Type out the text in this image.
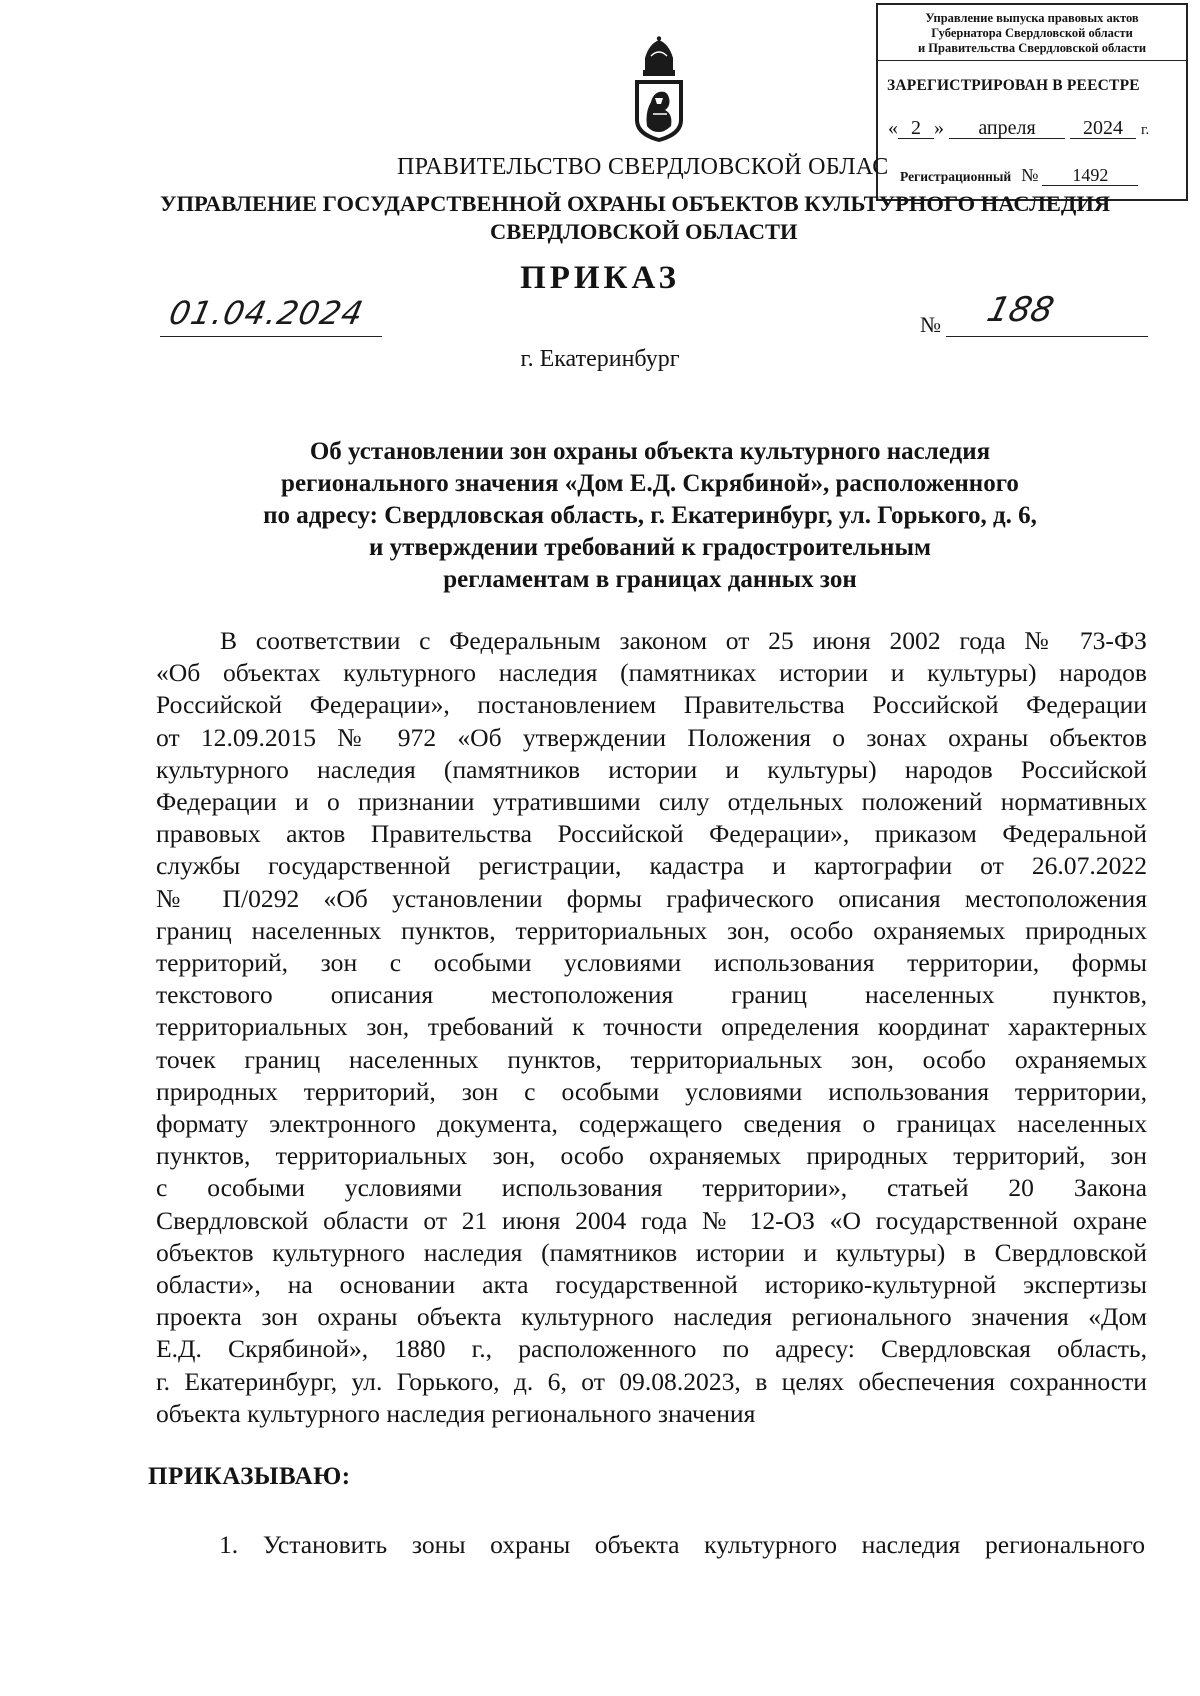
Управление выпуска правовых актов
Губернатора Свердловской области
и Правительства Свердловской области
ЗАРЕГИСТРИРОВАН В РЕЕСТРЕ
« 2 » апреля 2024 г.
Регистрационный № 1492
ПРАВИТЕЛЬСТВО СВЕРДЛОВСКОЙ ОБЛАС
УПРАВЛЕНИЕ ГОСУДАРСТВЕННОЙ ОХРАНЫ ОБЪЕКТОВ КУЛЬТУРНОГО НАСЛЕДИЯ
СВЕРДЛОВСКОЙ ОБЛАСТИ
ПРИКАЗ
01.04.2024	№ 188
г. Екатеринбург
Об установлении зон охраны объекта культурного наследия
регионального значения «Дом Е.Д. Скрябиной», расположенного
по адресу: Свердловская область, г. Екатеринбург, ул. Горького, д. 6,
и утверждении требований к градостроительным
регламентам в границах данных зон
В соответствии с Федеральным законом от 25 июня 2002 года № 73-ФЗ
«Об объектах культурного наследия (памятниках истории и культуры) народов
Российской Федерации», постановлением Правительства Российской Федерации
от 12.09.2015 № 972 «Об утверждении Положения о зонах охраны объектов
культурного наследия (памятников истории и культуры) народов Российской
Федерации и о признании утратившими силу отдельных положений нормативных
правовых актов Правительства Российской Федерации», приказом Федеральной
службы государственной регистрации, кадастра и картографии от 26.07.2022
№ П/0292 «Об установлении формы графического описания местоположения
границ населенных пунктов, территориальных зон, особо охраняемых природных
территорий, зон с особыми условиями использования территории, формы
текстового описания местоположения границ населенных пунктов,
территориальных зон, требований к точности определения координат характерных
точек границ населенных пунктов, территориальных зон, особо охраняемых
природных территорий, зон с особыми условиями использования территории,
формату электронного документа, содержащего сведения о границах населенных
пунктов, территориальных зон, особо охраняемых природных территорий, зон
с особыми условиями использования территории», статьей 20 Закона
Свердловской области от 21 июня 2004 года № 12-ОЗ «О государственной охране
объектов культурного наследия (памятников истории и культуры) в Свердловской
области», на основании акта государственной историко-культурной экспертизы
проекта зон охраны объекта культурного наследия регионального значения «Дом
Е.Д. Скрябиной», 1880 г., расположенного по адресу: Свердловская область,
г. Екатеринбург, ул. Горького, д. 6, от 09.08.2023, в целях обеспечения сохранности
объекта культурного наследия регионального значения
ПРИКАЗЫВАЮ:
1. Установить зоны охраны объекта культурного наследия регионального
